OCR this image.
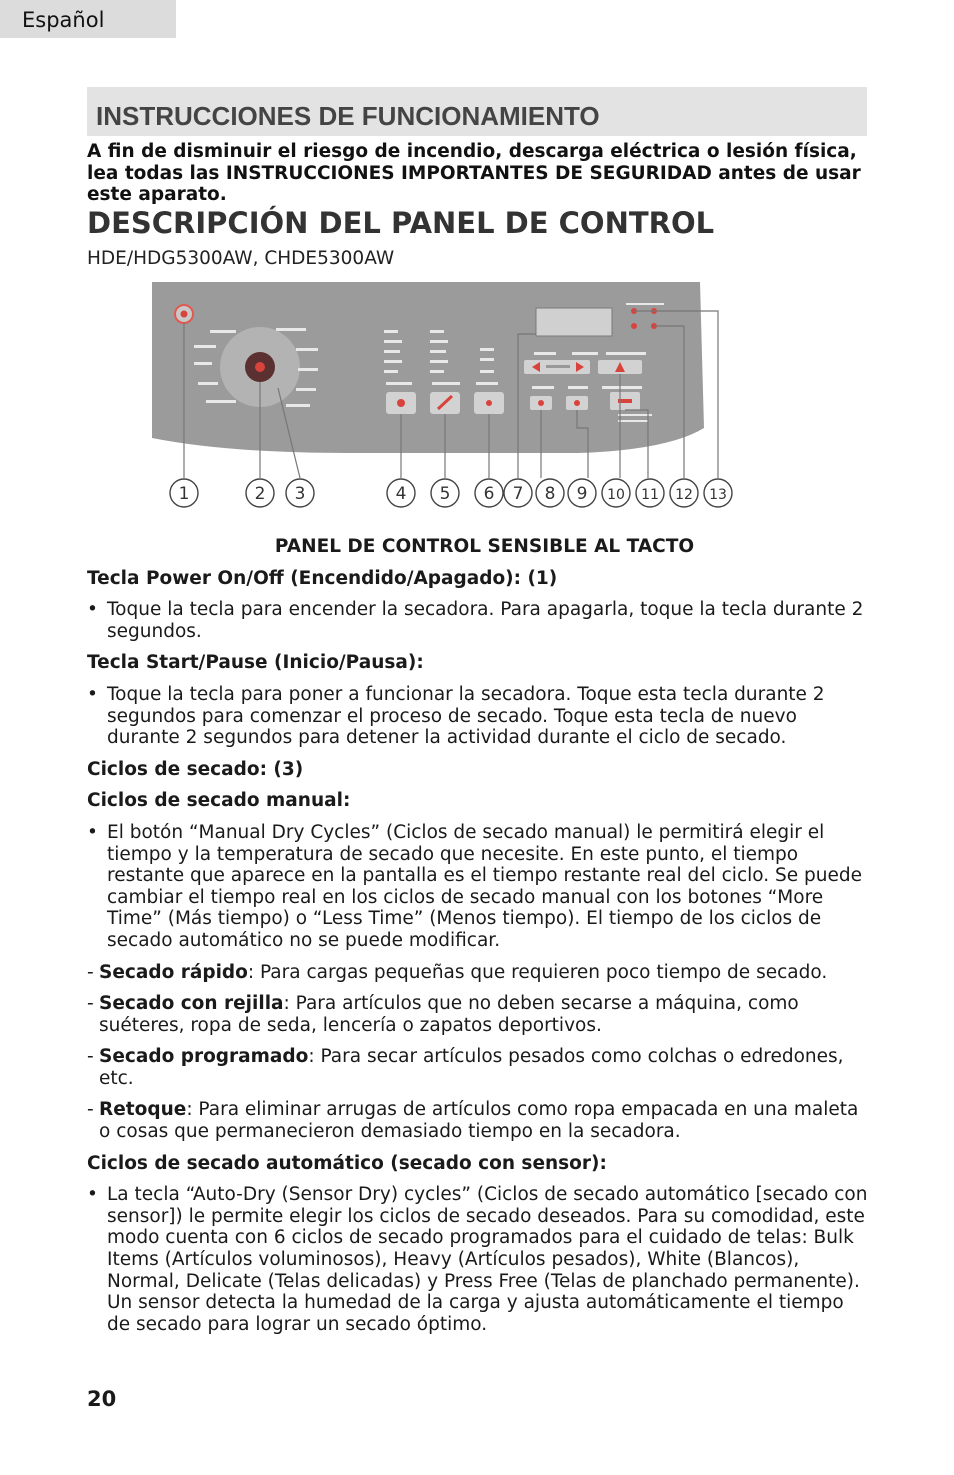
Español
INSTRUCCIONES DE FUNCIONAMIENTO
A fin de disminuir el riesgo de incendio, descarga eléctrica o lesión física, lea todas las INSTRUCCIONES IMPORTANTES DE SEGURIDAD antes de usar este aparato.
DESCRIPCIÓN DEL PANEL DE CONTROL
HDE/HDG5300AW, CHDE5300AW
1	2 3	4 5 6 7 8 9 10 11 12 13
PANEL DE CONTROL SENSIBLE AL TACTO
Tecla Power On/Off (Encendido/Apagado): (1)
• Toque la tecla para encender la secadora. Para apagarla, toque la tecla durante 2 segundos.
Tecla Start/Pause (Inicio/Pausa):
• Toque la tecla para poner a funcionar la secadora. Toque esta tecla durante 2 segundos para comenzar el proceso de secado. Toque esta tecla de nuevo durante 2 segundos para detener la actividad durante el ciclo de secado.
Ciclos de secado: (3)
Ciclos de secado manual:
• El botón “Manual Dry Cycles” (Ciclos de secado manual) le permitirá elegir el tiempo y la temperatura de secado que necesite. En este punto, el tiempo restante que aparece en la pantalla es el tiempo restante real del ciclo. Se puede cambiar el tiempo real en los ciclos de secado manual con los botones “More Time” (Más tiempo) o “Less Time” (Menos tiempo). El tiempo de los ciclos de secado automático no se puede modificar.
- Secado rápido: Para cargas pequeñas que requieren poco tiempo de secado.
- Secado con rejilla: Para artículos que no deben secarse a máquina, como suéteres, ropa de seda, lencería o zapatos deportivos.
- Secado programado: Para secar artículos pesados como colchas o edredones, etc.
- Retoque: Para eliminar arrugas de artículos como ropa empacada en una maleta o cosas que permanecieron demasiado tiempo en la secadora.
Ciclos de secado automático (secado con sensor):
• La tecla “Auto-Dry (Sensor Dry) cycles” (Ciclos de secado automático [secado con sensor]) le permite elegir los ciclos de secado deseados. Para su comodidad, este modo cuenta con 6 ciclos de secado programados para el cuidado de telas: Bulk Items (Artículos voluminosos), Heavy (Artículos pesados), White (Blancos), Normal, Delicate (Telas delicadas) y Press Free (Telas de planchado permanente). Un sensor detecta la humedad de la carga y ajusta automáticamente el tiempo de secado para lograr un secado óptimo.
20
